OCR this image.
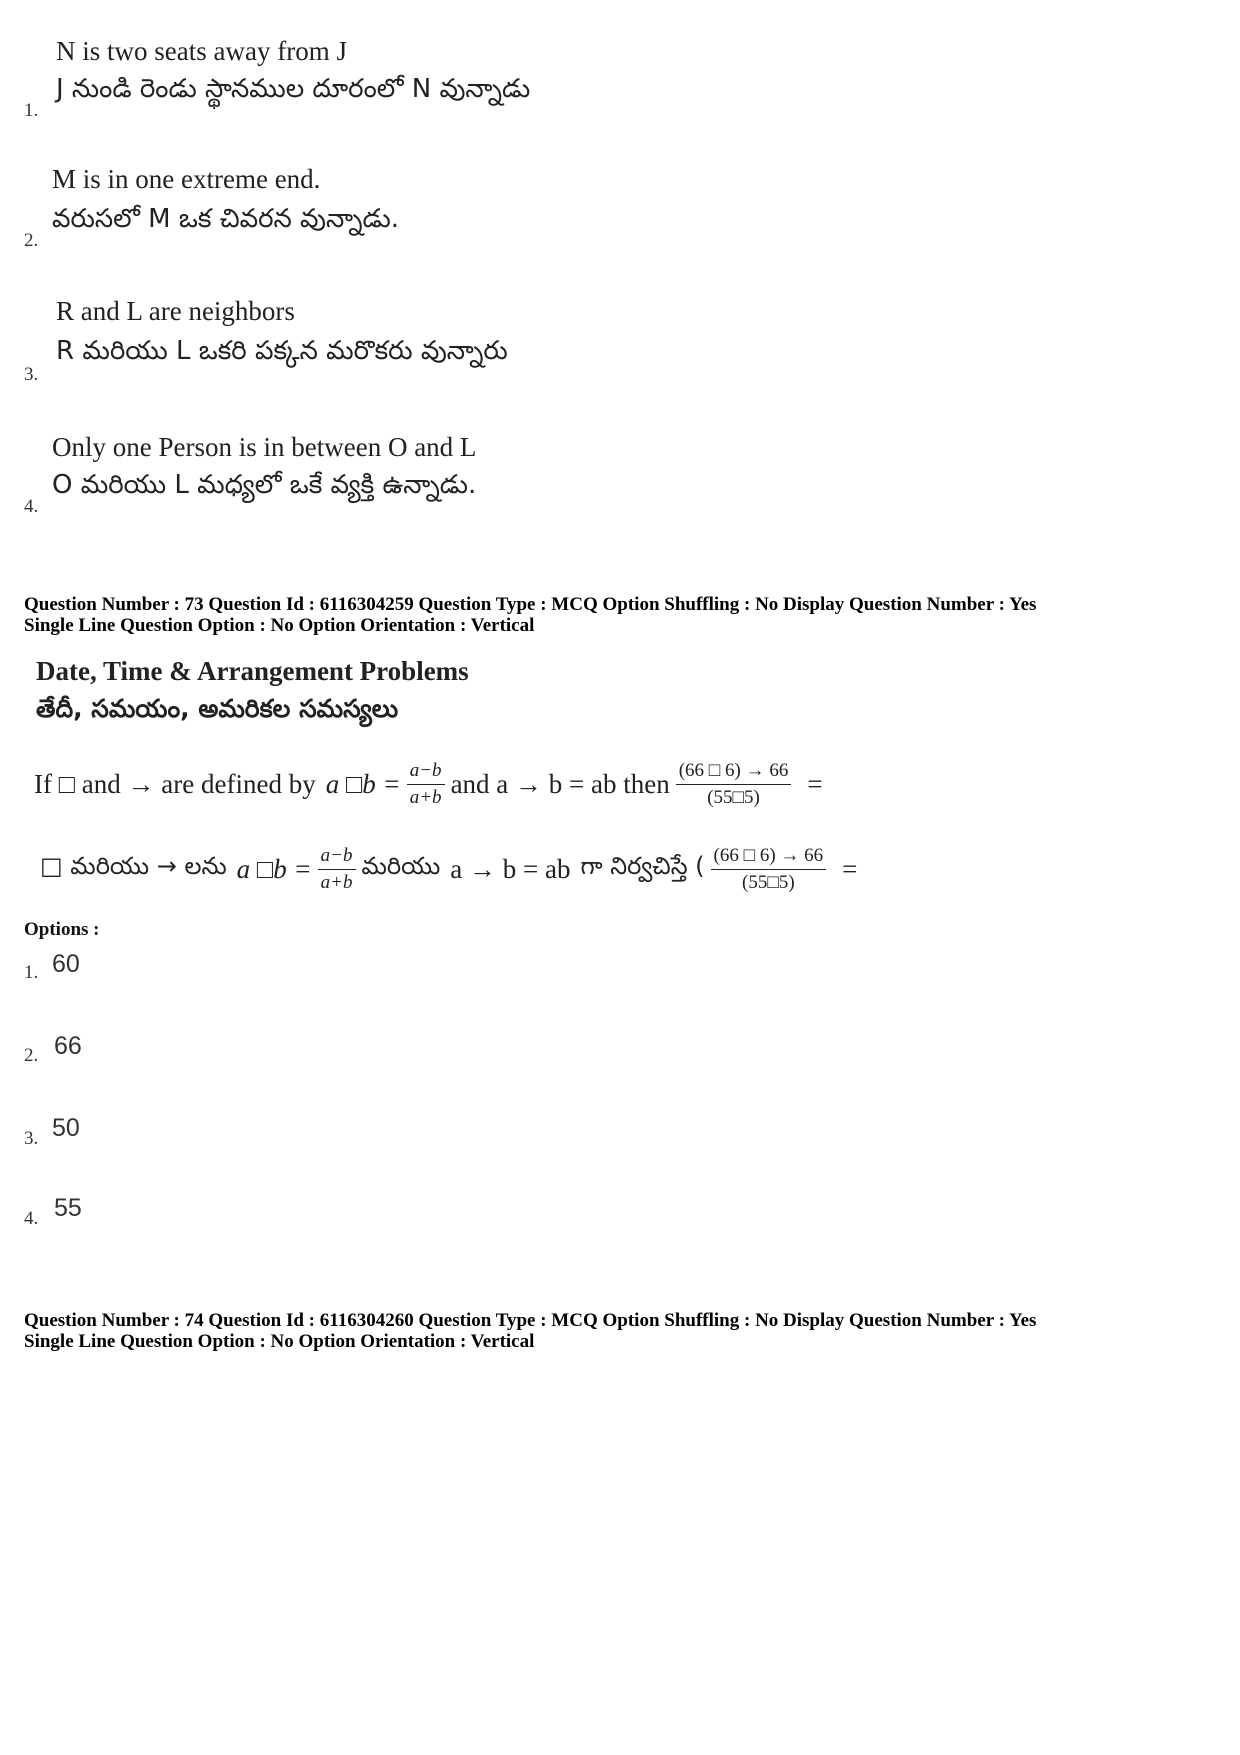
N is two seats away from J
J నుండి రెండు స్థానముల దూరంలో N వున్నాడు
1.
M is in one extreme end.
వరుసలో M ఒక చివరన వున్నాడు.
2.
R and L are neighbors
R మరియు L ఒకరి పక్కన మరొకరు వున్నారు
3.
Only one Person is in between O and L
O మరియు L మధ్యలో ఒకే వ్యక్తి ఉన్నాడు.
4.
Question Number : 73 Question Id : 6116304259 Question Type : MCQ Option Shuffling : No Display Question Number : Yes
Single Line Question Option : No Option Orientation : Vertical
Date, Time & Arrangement Problems
తేదీ, సమయం, అమరికల సమస్యలు
If □ and → are defined by a □b = $\frac{a-b}{a+b}$ and a → b = ab then $\frac{(66 □ 6) \to 66}{(55□5)}$ =
□ మరియు → లను a □b = $\frac{a-b}{a+b}$ మరియు a → b = ab గా నిర్వచిస్తే ( $\frac{(66 □ 6) \to 66}{(55□5)}$ =
Options :
1. 60
2. 66
3. 50
4. 55
Question Number : 74 Question Id : 6116304260 Question Type : MCQ Option Shuffling : No Display Question Number : Yes
Single Line Question Option : No Option Orientation : Vertical
